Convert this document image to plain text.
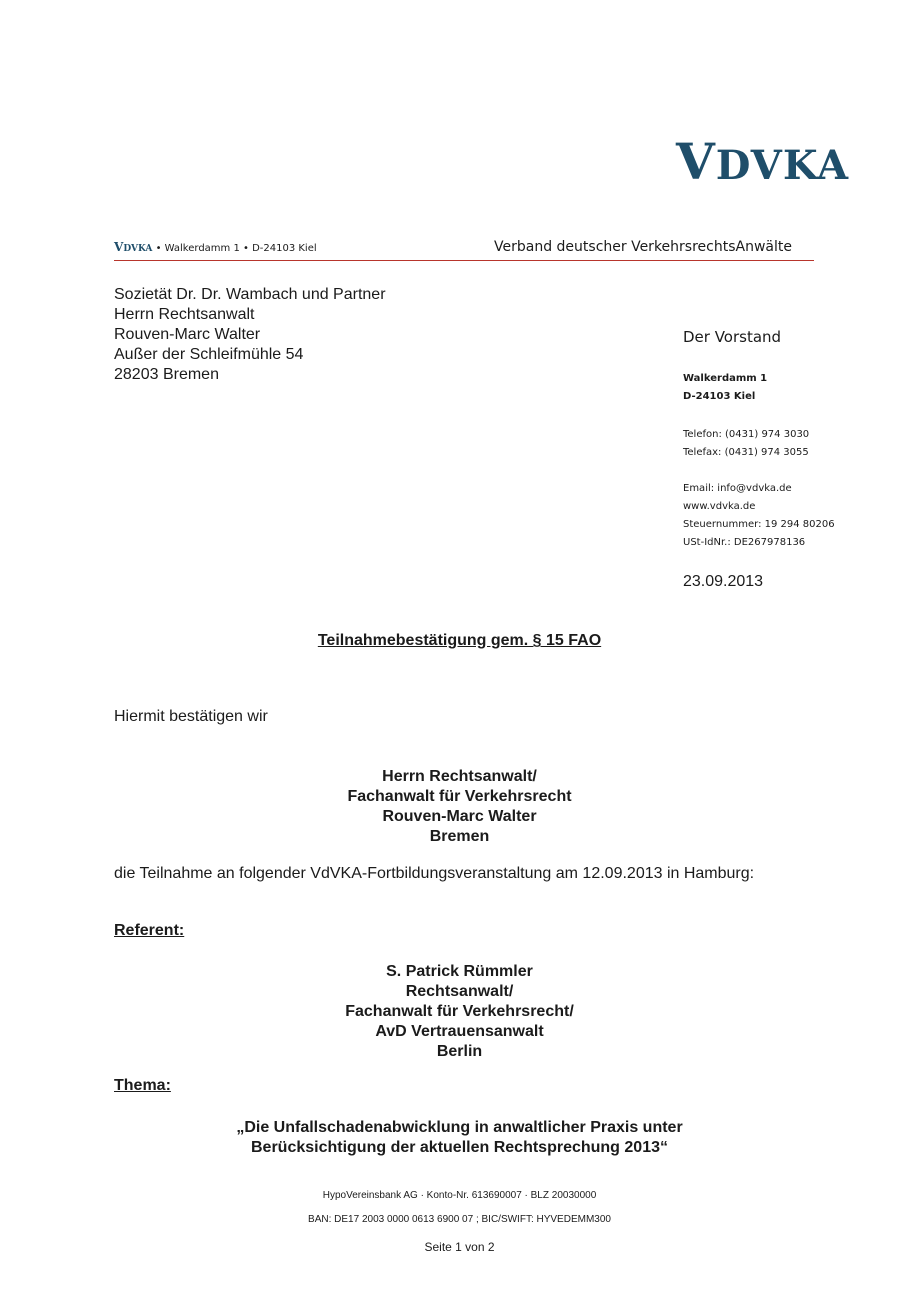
VDVKA
VDVKA • Walkerdamm 1 • D-24103 Kiel	Verband deutscher VerkehrsrechtsAnwälte
Sozietät Dr. Dr. Wambach und Partner
Herrn Rechtsanwalt
Rouven-Marc Walter
Außer der Schleifmühle 54
28203 Bremen
Der Vorstand
Walkerdamm 1
D-24103 Kiel
Telefon: (0431) 974 3030
Telefax: (0431) 974 3055
Email: info@vdvka.de
www.vdvka.de
Steuernummer: 19 294 80206
USt-IdNr.: DE267978136
23.09.2013
Teilnahmebestätigung gem. § 15 FAO
Hiermit bestätigen wir
Herrn Rechtsanwalt/
Fachanwalt für Verkehrsrecht
Rouven-Marc Walter
Bremen
die Teilnahme an folgender VdVKA-Fortbildungsveranstaltung am 12.09.2013 in Hamburg:
Referent:
S. Patrick Rümmler
Rechtsanwalt/
Fachanwalt für Verkehrsrecht/
AvD Vertrauensanwalt
Berlin
Thema:
„Die Unfallschadenabwicklung in anwaltlicher Praxis unter
Berücksichtigung der aktuellen Rechtsprechung 2013“
HypoVereinsbank AG · Konto-Nr. 613690007 · BLZ 20030000
BAN: DE17 2003 0000 0613 6900 07 ; BIC/SWIFT: HYVEDEMM300
Seite 1 von 2
